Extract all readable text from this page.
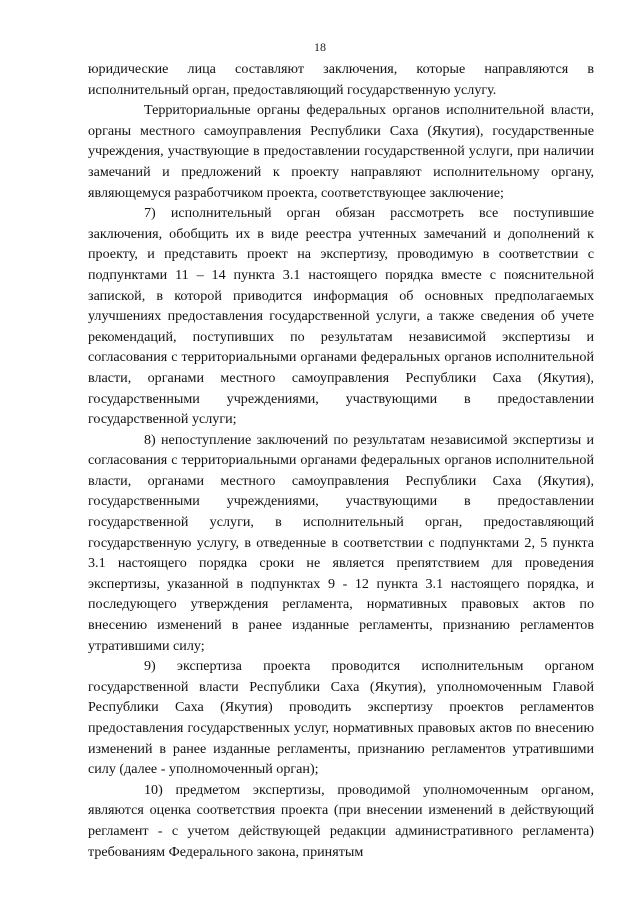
18

юридические лица составляют заключения, которые направляются в исполнительный орган, предоставляющий государственную услугу.

Территориальные органы федеральных органов исполнительной власти, органы местного самоуправления Республики Саха (Якутия), государственные учреждения, участвующие в предоставлении государственной услуги, при наличии замечаний и предложений к проекту направляют исполнительному органу, являющемуся разработчиком проекта, соответствующее заключение;

7) исполнительный орган обязан рассмотреть все поступившие заключения, обобщить их в виде реестра учтенных замечаний и дополнений к проекту, и представить проект на экспертизу, проводимую в соответствии с подпунктами 11 – 14 пункта 3.1 настоящего порядка вместе с пояснительной запиской, в которой приводится информация об основных предполагаемых улучшениях предоставления государственной услуги, а также сведения об учете рекомендаций, поступивших по результатам независимой экспертизы и согласования с территориальными органами федеральных органов исполнительной власти, органами местного самоуправления Республики Саха (Якутия), государственными учреждениями, участвующими в предоставлении государственной услуги;

8) непоступление заключений по результатам независимой экспертизы и согласования с территориальными органами федеральных органов исполнительной власти, органами местного самоуправления Республики Саха (Якутия), государственными учреждениями, участвующими в предоставлении государственной услуги, в исполнительный орган, предоставляющий государственную услугу, в отведенные в соответствии с подпунктами 2, 5 пункта 3.1 настоящего порядка сроки не является препятствием для проведения экспертизы, указанной в подпунктах 9 - 12 пункта 3.1 настоящего порядка, и последующего утверждения регламента, нормативных правовых актов по внесению изменений в ранее изданные регламенты, признанию регламентов утратившими силу;

9) экспертиза проекта проводится исполнительным органом государственной власти Республики Саха (Якутия), уполномоченным Главой Республики Саха (Якутия) проводить экспертизу проектов регламентов предоставления государственных услуг, нормативных правовых актов по внесению изменений в ранее изданные регламенты, признанию регламентов утратившими силу (далее - уполномоченный орган);

10) предметом экспертизы, проводимой уполномоченным органом, являются оценка соответствия проекта (при внесении изменений в действующий регламент - с учетом действующей редакции административного регламента) требованиям Федерального закона, принятым
